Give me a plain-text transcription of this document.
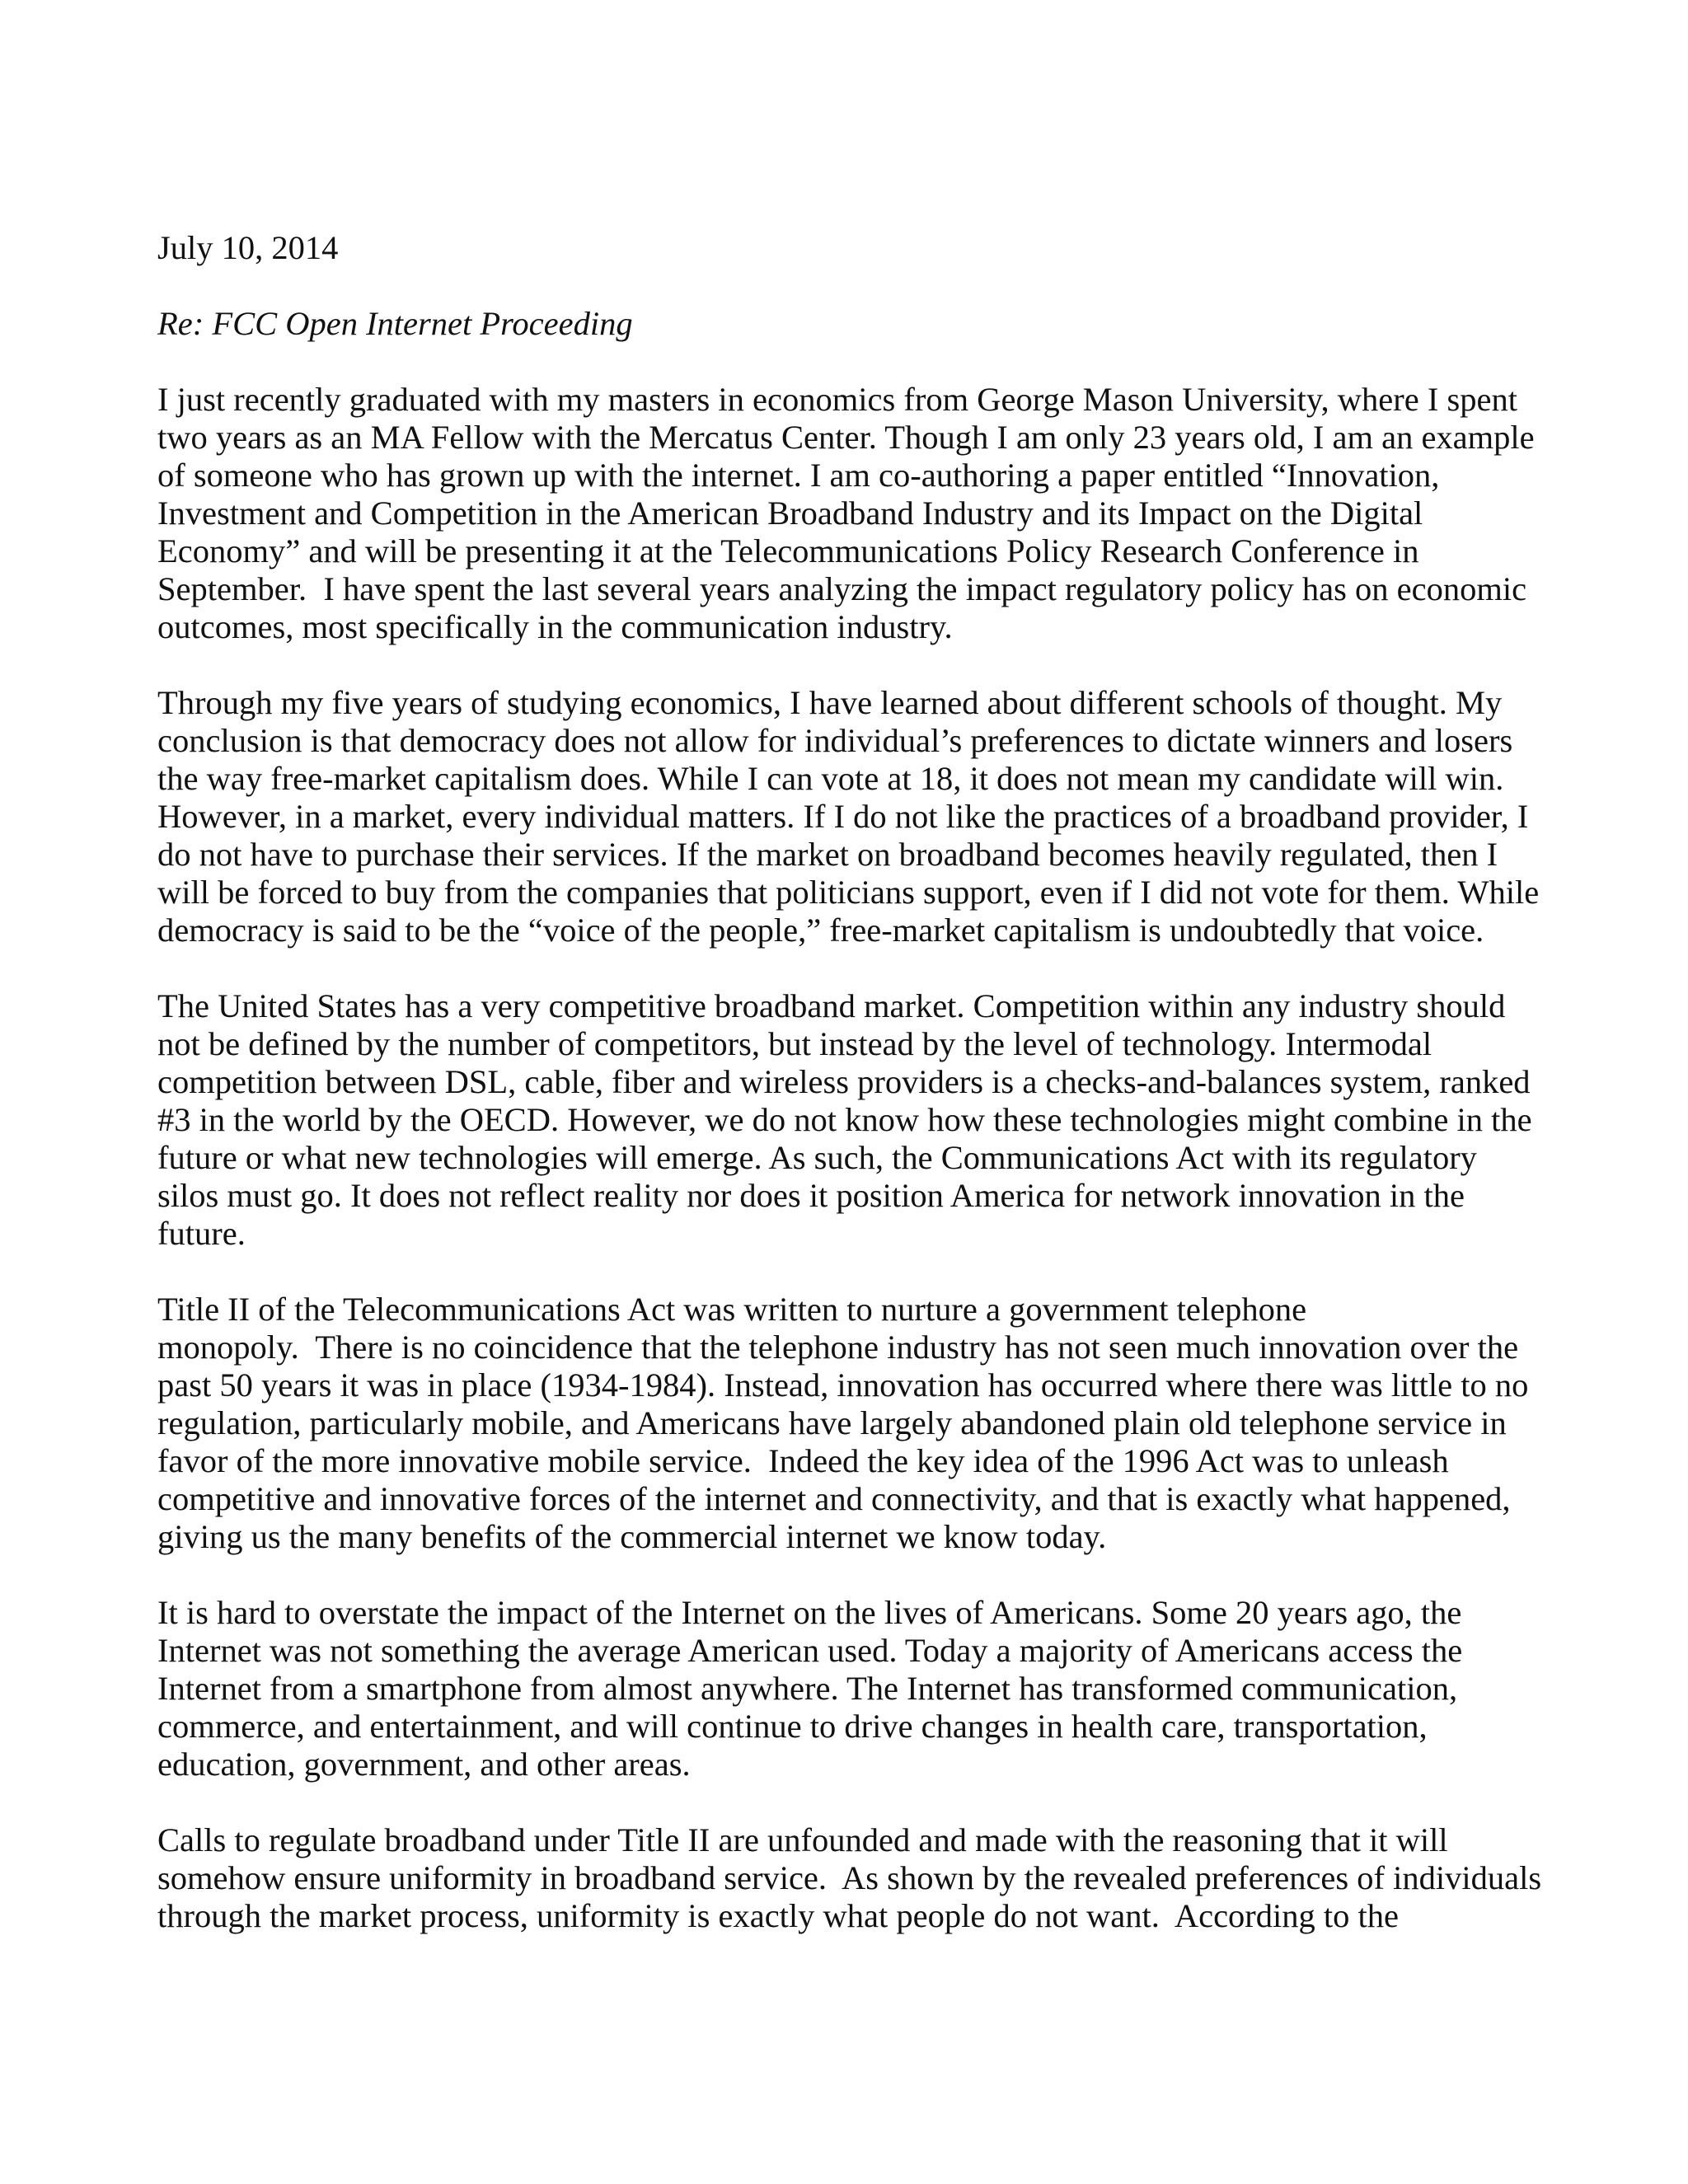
July 10, 2014

Re: FCC Open Internet Proceeding

I just recently graduated with my masters in economics from George Mason University, where I spent
two years as an MA Fellow with the Mercatus Center. Though I am only 23 years old, I am an example
of someone who has grown up with the internet. I am co-authoring a paper entitled “Innovation,
Investment and Competition in the American Broadband Industry and its Impact on the Digital
Economy” and will be presenting it at the Telecommunications Policy Research Conference in
September.  I have spent the last several years analyzing the impact regulatory policy has on economic
outcomes, most specifically in the communication industry.
Through my five years of studying economics, I have learned about different schools of thought. My
conclusion is that democracy does not allow for individual’s preferences to dictate winners and losers
the way free-market capitalism does. While I can vote at 18, it does not mean my candidate will win.
However, in a market, every individual matters. If I do not like the practices of a broadband provider, I
do not have to purchase their services. If the market on broadband becomes heavily regulated, then I
will be forced to buy from the companies that politicians support, even if I did not vote for them. While
democracy is said to be the “voice of the people,” free-market capitalism is undoubtedly that voice.
The United States has a very competitive broadband market. Competition within any industry should
not be defined by the number of competitors, but instead by the level of technology. Intermodal
competition between DSL, cable, fiber and wireless providers is a checks-and-balances system, ranked
#3 in the world by the OECD. However, we do not know how these technologies might combine in the
future or what new technologies will emerge. As such, the Communications Act with its regulatory
silos must go. It does not reflect reality nor does it position America for network innovation in the
future.
Title II of the Telecommunications Act was written to nurture a government telephone
monopoly.  There is no coincidence that the telephone industry has not seen much innovation over the
past 50 years it was in place (1934-1984). Instead, innovation has occurred where there was little to no
regulation, particularly mobile, and Americans have largely abandoned plain old telephone service in
favor of the more innovative mobile service.  Indeed the key idea of the 1996 Act was to unleash
competitive and innovative forces of the internet and connectivity, and that is exactly what happened,
giving us the many benefits of the commercial internet we know today.
It is hard to overstate the impact of the Internet on the lives of Americans. Some 20 years ago, the
Internet was not something the average American used. Today a majority of Americans access the
Internet from a smartphone from almost anywhere. The Internet has transformed communication,
commerce, and entertainment, and will continue to drive changes in health care, transportation,
education, government, and other areas.
Calls to regulate broadband under Title II are unfounded and made with the reasoning that it will
somehow ensure uniformity in broadband service.  As shown by the revealed preferences of individuals
through the market process, uniformity is exactly what people do not want.  According to the
